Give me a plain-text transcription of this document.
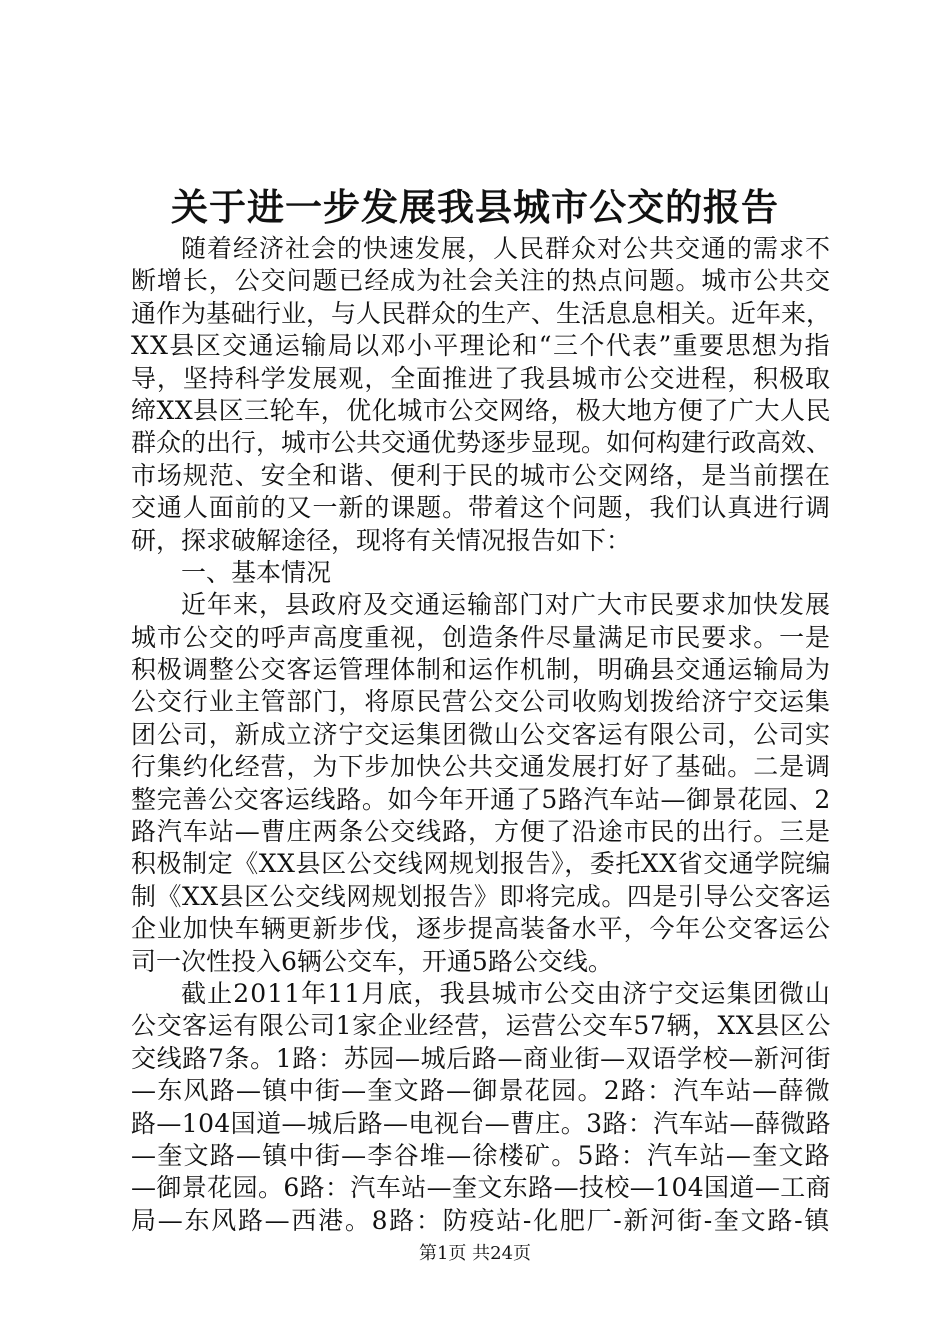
关于进一步发展我县城市公交的报告
随着经济社会的快速发展，人民群众对公共交通的需求不
断增长，公交问题已经成为社会关注的热点问题。城市公共交
通作为基础行业，与人民群众的生产、生活息息相关。近年来，
XX县区交通运输局以邓小平理论和“三个代表”重要思想为指
导，坚持科学发展观，全面推进了我县城市公交进程，积极取
缔XX县区三轮车，优化城市公交网络，极大地方便了广大人民
群众的出行，城市公共交通优势逐步显现。如何构建行政高效、
市场规范、安全和谐、便利于民的城市公交网络，是当前摆在
交通人面前的又一新的课题。带着这个问题，我们认真进行调
研，探求破解途径，现将有关情况报告如下：
一、基本情况
近年来，县政府及交通运输部门对广大市民要求加快发展
城市公交的呼声高度重视，创造条件尽量满足市民要求。一是
积极调整公交客运管理体制和运作机制，明确县交通运输局为
公交行业主管部门，将原民营公交公司收购划拨给济宁交运集
团公司，新成立济宁交运集团微山公交客运有限公司，公司实
行集约化经营，为下步加快公共交通发展打好了基础。二是调
整完善公交客运线路。如今年开通了5路汽车站—御景花园、2
路汽车站—曹庄两条公交线路，方便了沿途市民的出行。三是
积极制定《XX县区公交线网规划报告》，委托XX省交通学院编
制《XX县区公交线网规划报告》即将完成。四是引导公交客运
企业加快车辆更新步伐，逐步提高装备水平，今年公交客运公
司一次性投入6辆公交车，开通5路公交线。
截止2011年11月底，我县城市公交由济宁交运集团微山
公交客运有限公司1家企业经营，运营公交车57辆，XX县区公
交线路7条。1路：苏园—城后路—商业街—双语学校—新河街
—东风路—镇中街—奎文路—御景花园。2路：汽车站—薛微
路—104国道—城后路—电视台—曹庄。3路：汽车站—薛微路
—奎文路—镇中街—李谷堆—徐楼矿。5路：汽车站—奎文路
—御景花园。6路：汽车站—奎文东路—技校—104国道—工商
局—东风路—西港。8路：防疫站-化肥厂-新河街-奎文路-镇
第1页 共24页
